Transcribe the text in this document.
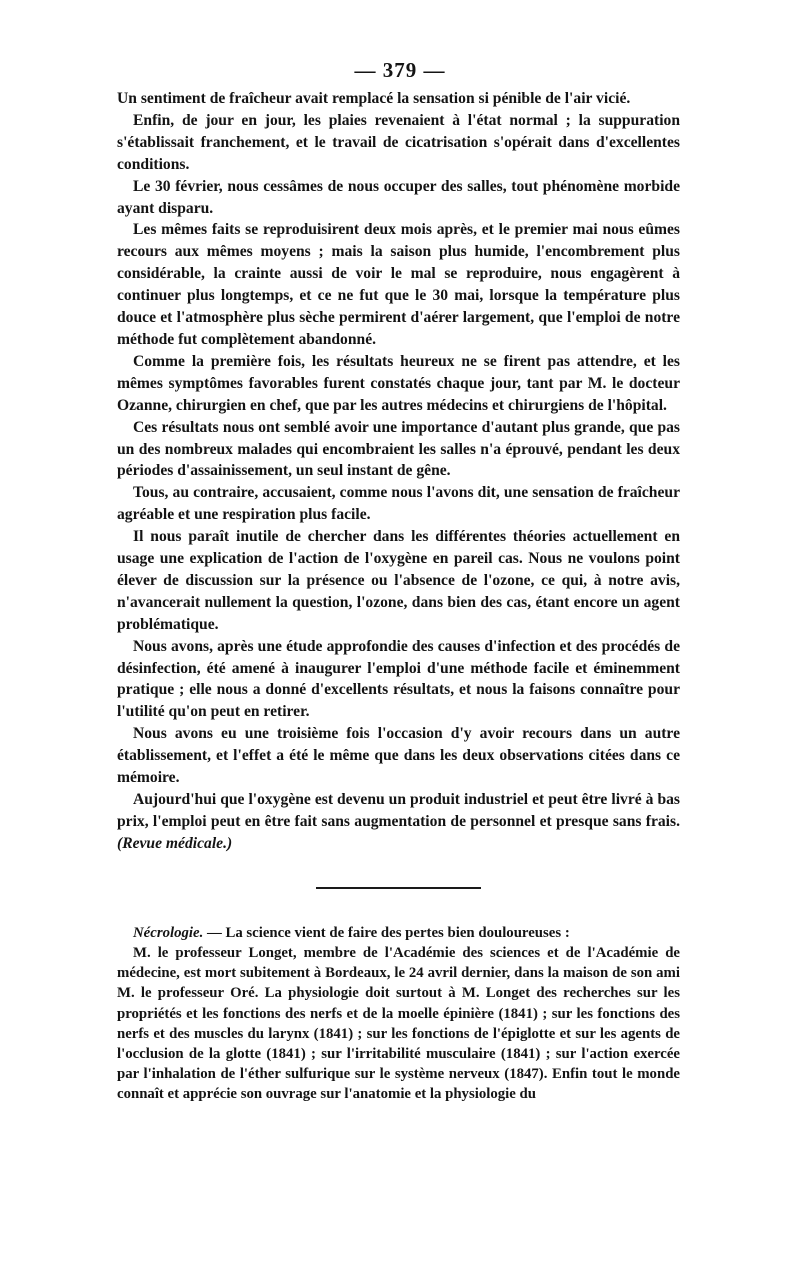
— 379 —

Un sentiment de fraîcheur avait remplacé la sensation si pénible de l'air vicié.

Enfin, de jour en jour, les plaies revenaient à l'état normal ; la suppuration s'établissait franchement, et le travail de cicatrisation s'opérait dans d'excellentes conditions.

Le 30 février, nous cessâmes de nous occuper des salles, tout phénomène morbide ayant disparu.

Les mêmes faits se reproduisirent deux mois après, et le premier mai nous eûmes recours aux mêmes moyens ; mais la saison plus humide, l'encombrement plus considérable, la crainte aussi de voir le mal se reproduire, nous engagèrent à continuer plus longtemps, et ce ne fut que le 30 mai, lorsque la température plus douce et l'atmosphère plus sèche permirent d'aérer largement, que l'emploi de notre méthode fut complètement abandonné.

Comme la première fois, les résultats heureux ne se firent pas attendre, et les mêmes symptômes favorables furent constatés chaque jour, tant par M. le docteur Ozanne, chirurgien en chef, que par les autres médecins et chirurgiens de l'hôpital.

Ces résultats nous ont semblé avoir une importance d'autant plus grande, que pas un des nombreux malades qui encombraient les salles n'a éprouvé, pendant les deux périodes d'assainissement, un seul instant de gêne.

Tous, au contraire, accusaient, comme nous l'avons dit, une sensation de fraîcheur agréable et une respiration plus facile.

Il nous paraît inutile de chercher dans les différentes théories actuellement en usage une explication de l'action de l'oxygène en pareil cas. Nous ne voulons point élever de discussion sur la présence ou l'absence de l'ozone, ce qui, à notre avis, n'avancerait nullement la question, l'ozone, dans bien des cas, étant encore un agent problématique.

Nous avons, après une étude approfondie des causes d'infection et des procédés de désinfection, été amené à inaugurer l'emploi d'une méthode facile et éminemment pratique ; elle nous a donné d'excellents résultats, et nous la faisons connaître pour l'utilité qu'on peut en retirer.

Nous avons eu une troisième fois l'occasion d'y avoir recours dans un autre établissement, et l'effet a été le même que dans les deux observations citées dans ce mémoire.

Aujourd'hui que l'oxygène est devenu un produit industriel et peut être livré à bas prix, l'emploi peut en être fait sans augmentation de personnel et presque sans frais. (Revue médicale.)

Nécrologie. — La science vient de faire des pertes bien douloureuses :

M. le professeur Longet, membre de l'Académie des sciences et de l'Académie de médecine, est mort subitement à Bordeaux, le 24 avril dernier, dans la maison de son ami M. le professeur Oré. La physiologie doit surtout à M. Longet des recherches sur les propriétés et les fonctions des nerfs et de la moelle épinière (1841) ; sur les fonctions des nerfs et des muscles du larynx (1841) ; sur les fonctions de l'épiglotte et sur les agents de l'occlusion de la glotte (1841) ; sur l'irritabilité musculaire (1841) ; sur l'action exercée par l'inhalation de l'éther sulfurique sur le système nerveux (1847). Enfin tout le monde connaît et apprécie son ouvrage sur l'anatomie et la physiologie du
